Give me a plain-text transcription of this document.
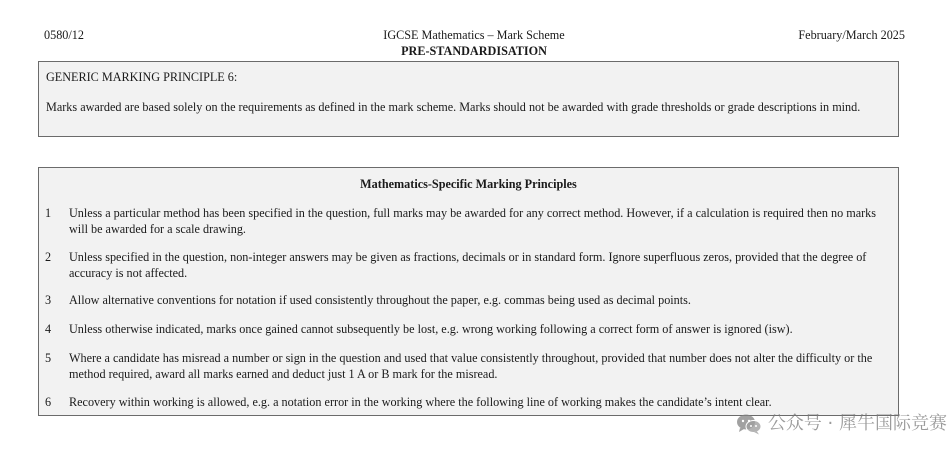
0580/12	IGCSE Mathematics – Mark Scheme
PRE-STANDARDISATION
February/March 2025

GENERIC MARKING PRINCIPLE 6:

Marks awarded are based solely on the requirements as defined in the mark scheme. Marks should not be awarded with grade thresholds or grade descriptions in mind.

Mathematics-Specific Marking Principles
1 Unless a particular method has been specified in the question, full marks may be awarded for any correct method. However, if a calculation is required then no marks will be awarded for a scale drawing.
2 Unless specified in the question, non-integer answers may be given as fractions, decimals or in standard form. Ignore superfluous zeros, provided that the degree of accuracy is not affected.
3 Allow alternative conventions for notation if used consistently throughout the paper, e.g. commas being used as decimal points.
4 Unless otherwise indicated, marks once gained cannot subsequently be lost, e.g. wrong working following a correct form of answer is ignored (isw).
5 Where a candidate has misread a number or sign in the question and used that value consistently throughout, provided that number does not alter the difficulty or the method required, award all marks earned and deduct just 1 A or B mark for the misread.
6 Recovery within working is allowed, e.g. a notation error in the working where the following line of working makes the candidate’s intent clear.
公众号 · 犀牛国际竞赛
